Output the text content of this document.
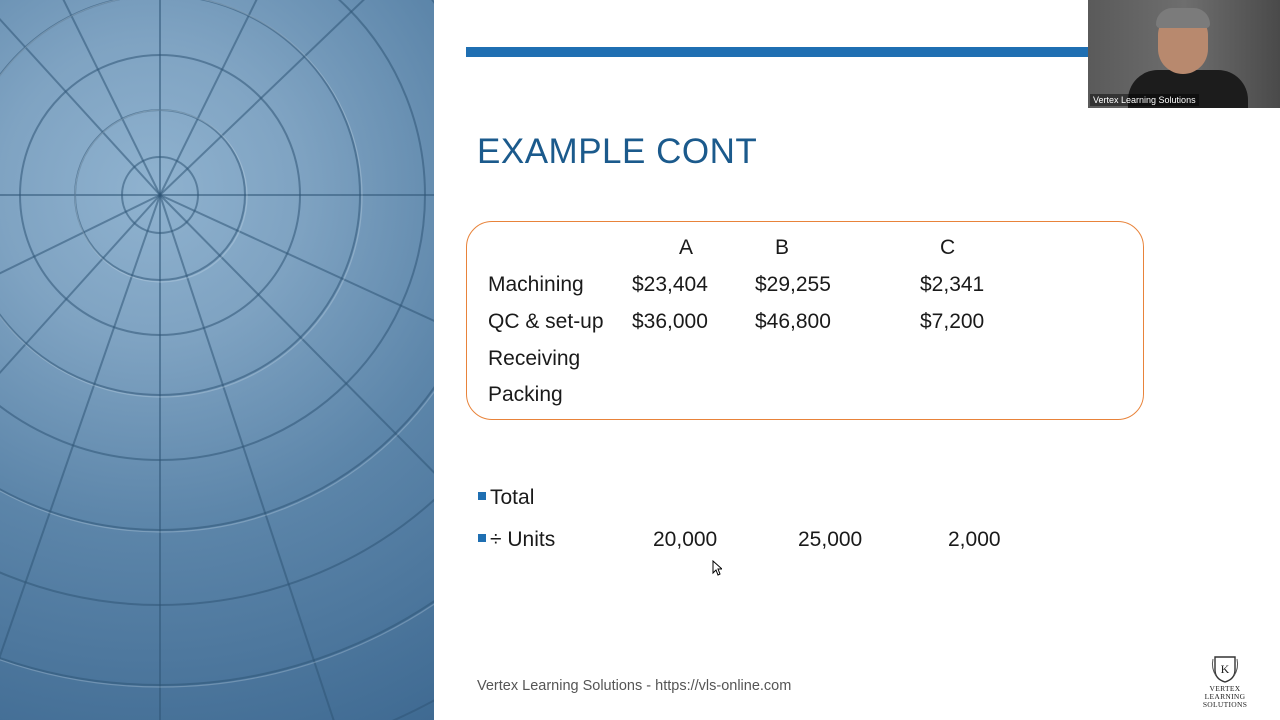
EXAMPLE CONT
A	B	C
Machining $23,404 $29,255	$2,341
QC & set-up $36,000 $46,800	$7,200
Receiving
Packing
Total
÷ Units	20,000	25,000	2,000
Vertex Learning Solutions - https://vls-online.com
K
VERTEX
LEARNING SOLUTIONS
Vertex Learning Solutions
